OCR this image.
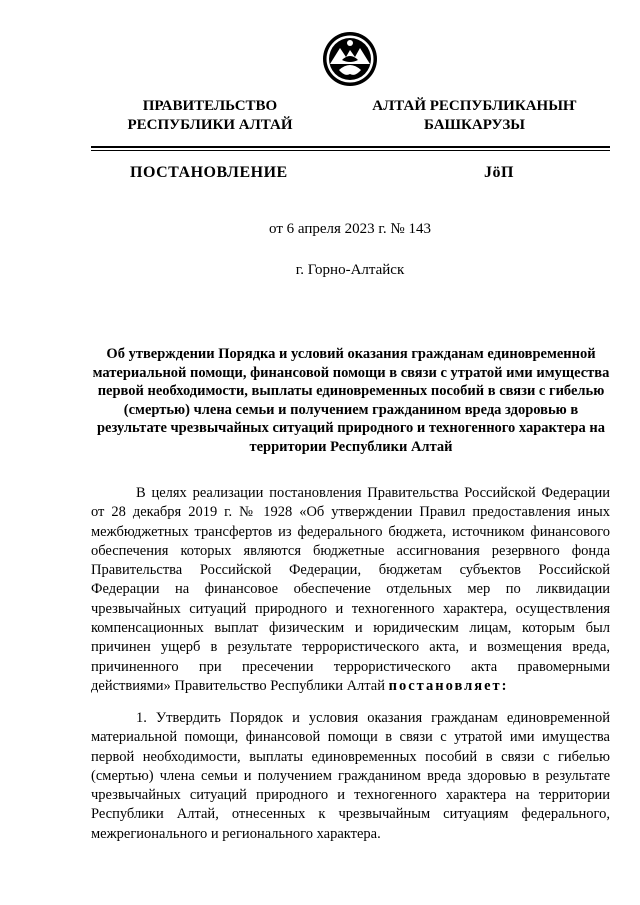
ПРАВИТЕЛЬСТВО
РЕСПУБЛИКИ АЛТАЙ
АЛТАЙ РЕСПУБЛИКАНЫҤ
БАШКАРУЗЫ
ПОСТАНОВЛЕНИЕ	JӧП
от 6 апреля 2023 г. № 143
г. Горно-Алтайск
Об утверждении Порядка и условий оказания гражданам единовременной материальной помощи, финансовой помощи в связи с утратой ими имущества первой необходимости, выплаты единовременных пособий в связи с гибелью (смертью) члена семьи и получением гражданином вреда здоровью в результате чрезвычайных ситуаций природного и техногенного характера на территории Республики Алтай
В целях реализации постановления Правительства Российской Федерации от 28 декабря 2019 г. № 1928 «Об утверждении Правил предоставления иных межбюджетных трансфертов из федерального бюджета, источником финансового обеспечения которых являются бюджетные ассигнования резервного фонда Правительства Российской Федерации, бюджетам субъектов Российской Федерации на финансовое обеспечение отдельных мер по ликвидации чрезвычайных ситуаций природного и техногенного характера, осуществления компенсационных выплат физическим и юридическим лицам, которым был причинен ущерб в результате террористического акта, и возмещения вреда, причиненного при пресечении террористического акта правомерными действиями» Правительство Республики Алтай постановляет:
1. Утвердить Порядок и условия оказания гражданам единовременной материальной помощи, финансовой помощи в связи с утратой ими имущества первой необходимости, выплаты единовременных пособий в связи с гибелью (смертью) члена семьи и получением гражданином вреда здоровью в результате чрезвычайных ситуаций природного и техногенного характера на территории Республики Алтай, отнесенных к чрезвычайным ситуациям федерального, межрегионального и регионального характера.
